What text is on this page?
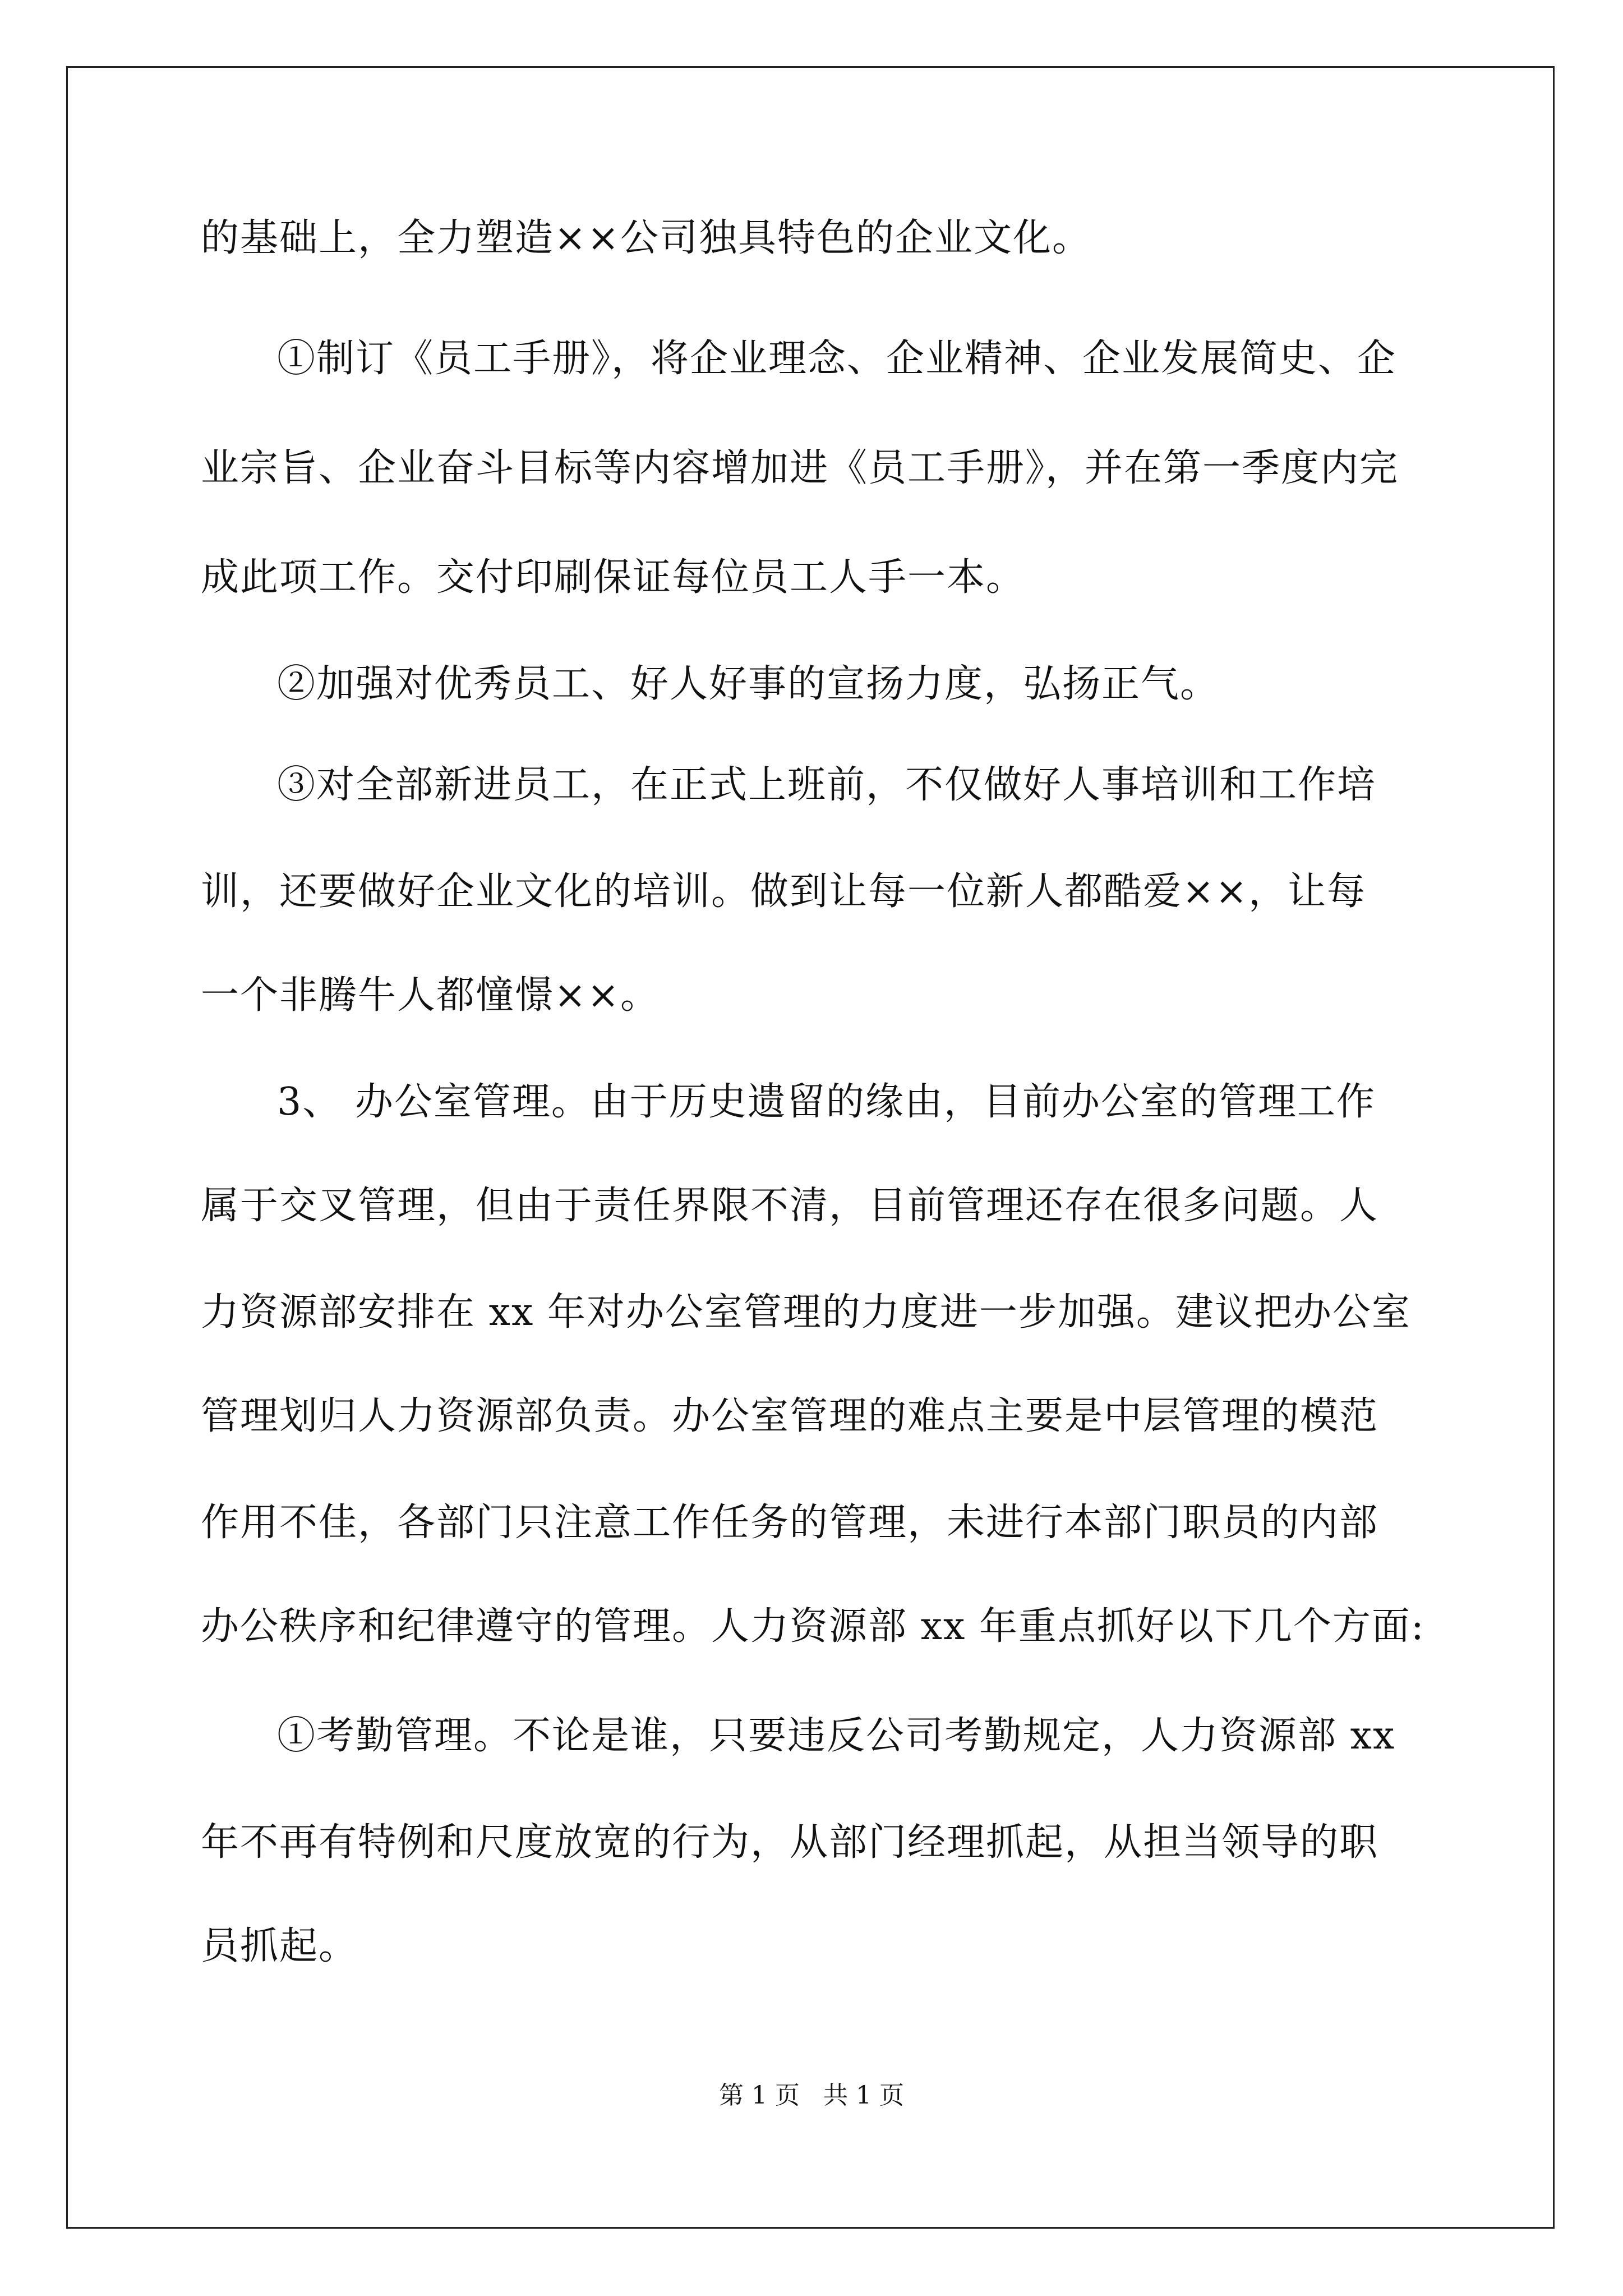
的基础上，全力塑造××公司独具特色的企业文化。
①制订《员工手册》，将企业理念、企业精神、企业发展简史、企
业宗旨、企业奋斗目标等内容增加进《员工手册》，并在第一季度内完
成此项工作。交付印刷保证每位员工人手一本。
②加强对优秀员工、好人好事的宣扬力度，弘扬正气。
③对全部新进员工，在正式上班前，不仅做好人事培训和工作培
训，还要做好企业文化的培训。做到让每一位新人都酷爱××，让每
一个非腾牛人都憧憬××。
3、 办公室管理。由于历史遗留的缘由，目前办公室的管理工作
属于交叉管理，但由于责任界限不清，目前管理还存在很多问题。人
力资源部安排在 xx 年对办公室管理的力度进一步加强。建议把办公室
管理划归人力资源部负责。办公室管理的难点主要是中层管理的模范
作用不佳，各部门只注意工作任务的管理，未进行本部门职员的内部
办公秩序和纪律遵守的管理。人力资源部 xx 年重点抓好以下几个方面:
①考勤管理。不论是谁，只要违反公司考勤规定，人力资源部 xx
年不再有特例和尺度放宽的行为，从部门经理抓起，从担当领导的职
员抓起。
第 1 页 共 1 页
